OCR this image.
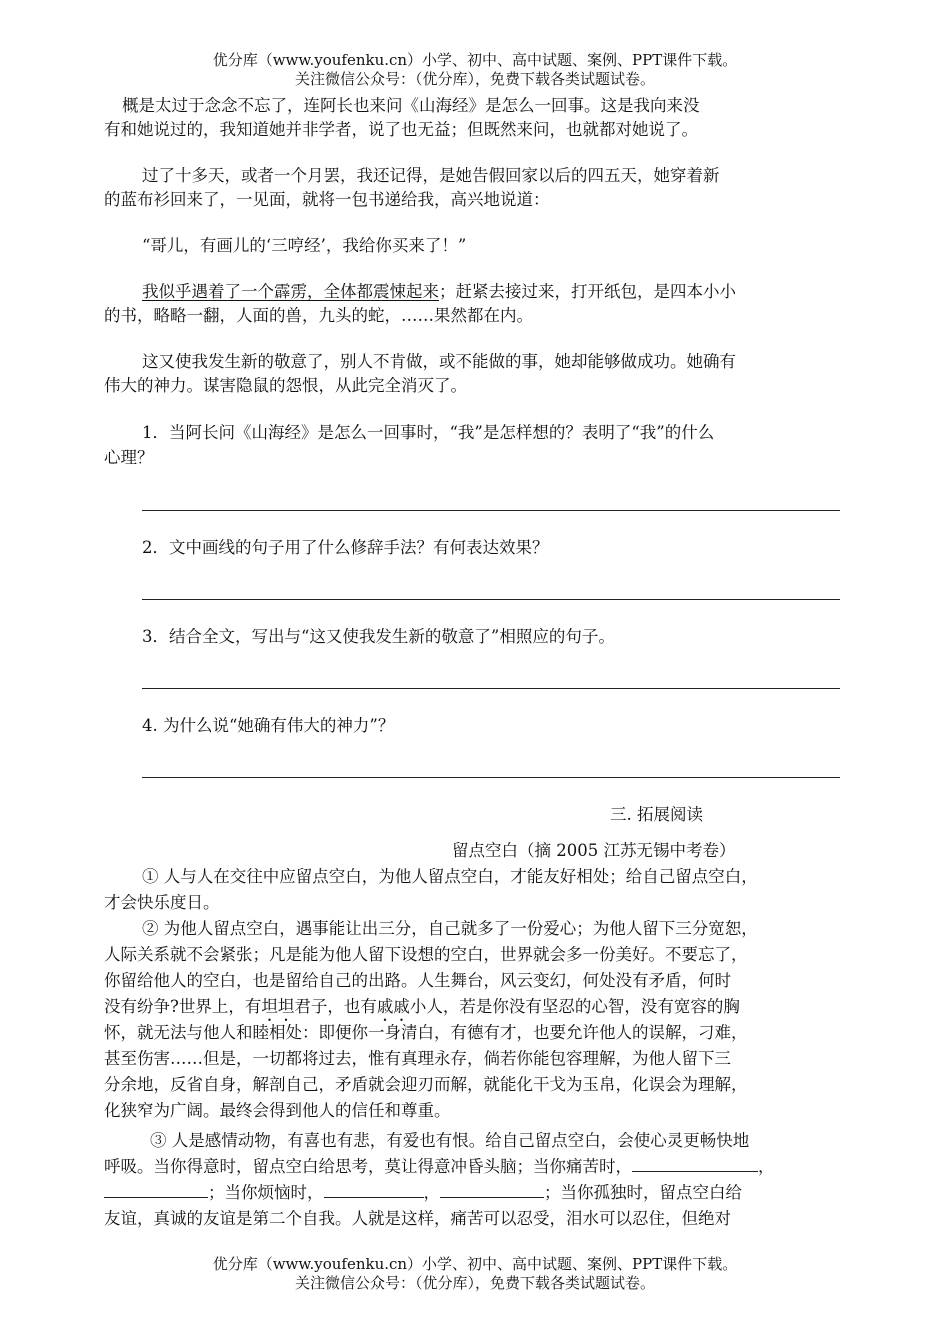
优分库（www.youfenku.cn）小学、初中、高中试题、案例、PPT课件下载。
关注微信公众号：（优分库），免费下载各类试题试卷。
概是太过于念念不忘了，连阿长也来问《山海经》是怎么一回事。这是我向来没
有和她说过的，我知道她并非学者，说了也无益；但既然来问，也就都对她说了。
过了十多天，或者一个月罢，我还记得，是她告假回家以后的四五天，她穿着新
的蓝布衫回来了，一见面，就将一包书递给我，高兴地说道：
“哥儿，有画儿的‘三哼经’，我给你买来了！”
我似乎遇着了一个霹雳，全体都震悚起来；赶紧去接过来，打开纸包，是四本小小
的书，略略一翻，人面的兽，九头的蛇，……果然都在内。
这又使我发生新的敬意了，别人不肯做，或不能做的事，她却能够做成功。她确有
伟大的神力。谋害隐鼠的怨恨，从此完全消灭了。
1．当阿长问《山海经》是怎么一回事时，“我”是怎样想的？表明了“我”的什么
心理？
2．文中画线的句子用了什么修辞手法？有何表达效果？
3．结合全文，写出与“这又使我发生新的敬意了”相照应的句子。
4. 为什么说“她确有伟大的神力”？
三. 拓展阅读
留点空白（摘 2005 江苏无锡中考卷）
① 人与人在交往中应留点空白，为他人留点空白，才能友好相处；给自己留点空白，
才会快乐度日。
② 为他人留点空白，遇事能让出三分，自己就多了一份爱心；为他人留下三分宽恕，
人际关系就不会紧张；凡是能为他人留下设想的空白，世界就会多一份美好。不要忘了，
你留给他人的空白，也是留给自己的出路。人生舞台，风云变幻，何处没有矛盾，何时
没有纷争?世界上，有坦坦君子，也有戚戚小人，若是你没有坚忍的心智，没有宽容的胸
怀，就无法与他人和睦相处：即便你一身清白，有德有才，也要允许他人的误解，刁难，
甚至伤害……但是，一切都将过去，惟有真理永存，倘若你能包容理解，为他人留下三
分余地，反省自身，解剖自己，矛盾就会迎刃而解，就能化干戈为玉帛，化误会为理解，
化狭窄为广阔。最终会得到他人的信任和尊重。
③ 人是感情动物，有喜也有悲，有爱也有恨。给自己留点空白，会使心灵更畅快地
呼吸。当你得意时，留点空白给思考，莫让得意冲昏头脑；当你痛苦时，	，
；当你烦恼时，	，	；当你孤独时，留点空白给
友谊，真诚的友谊是第二个自我。人就是这样，痛苦可以忍受，泪水可以忍住，但绝对
优分库（www.youfenku.cn）小学、初中、高中试题、案例、PPT课件下载。
关注微信公众号：（优分库），免费下载各类试题试卷。
